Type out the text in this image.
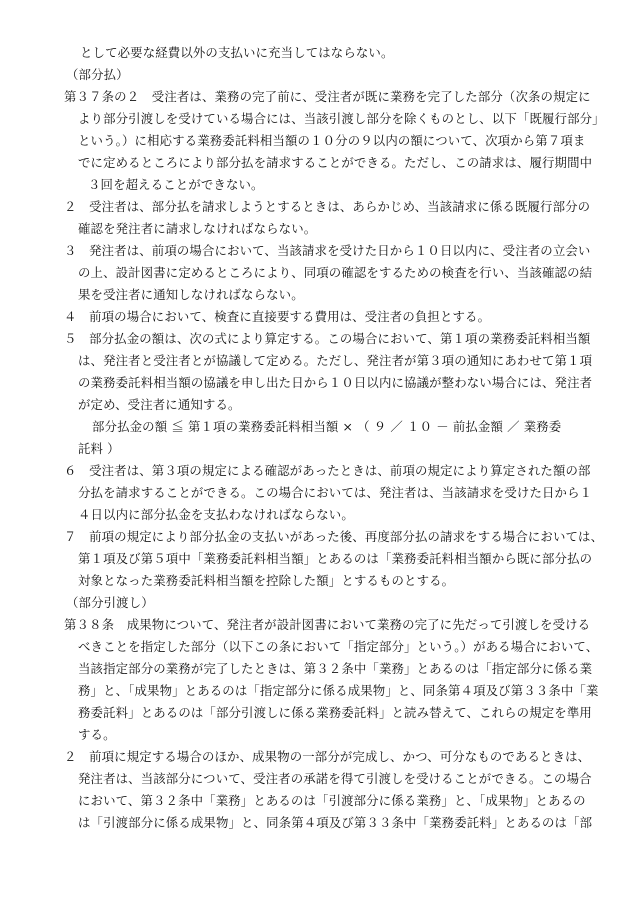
として必要な経費以外の支払いに充当してはならない。
（部分払）
第３７条の２　受注者は、業務の完了前に、受注者が既に業務を完了した部分（次条の規定に
より部分引渡しを受けている場合には、当該引渡し部分を除くものとし、以下「既履行部分」
という。）に相応する業務委託料相当額の１０分の９以内の額について、次項から第７項ま
でに定めるところにより部分払を請求することができる。ただし、この請求は、履行期間中
３回を超えることができない。
２　受注者は、部分払を請求しようとするときは、あらかじめ、当該請求に係る既履行部分の
確認を発注者に請求しなければならない。
３　発注者は、前項の場合において、当該請求を受けた日から１０日以内に、受注者の立会い
の上、設計図書に定めるところにより、同項の確認をするための検査を行い、当該確認の結
果を受注者に通知しなければならない。
４　前項の場合において、検査に直接要する費用は、受注者の負担とする。
５　部分払金の額は、次の式により算定する。この場合において、第１項の業務委託料相当額
は、発注者と受注者とが協議して定める。ただし、発注者が第３項の通知にあわせて第１項
の業務委託料相当額の協議を申し出た日から１０日以内に協議が整わない場合には、発注者
が定め、受注者に通知する。
部分払金の額 ≦ 第１項の業務委託料相当額 × （ ９ ／ １０ － 前払金額 ／ 業務委
託料 ）
６　受注者は、第３項の規定による確認があったときは、前項の規定により算定された額の部
分払を請求することができる。この場合においては、発注者は、当該請求を受けた日から１
４日以内に部分払金を支払わなければならない。
７　前項の規定により部分払金の支払いがあった後、再度部分払の請求をする場合においては、
第１項及び第５項中「業務委託料相当額」とあるのは「業務委託料相当額から既に部分払の
対象となった業務委託料相当額を控除した額」とするものとする。
（部分引渡し）
第３８条　成果物について、発注者が設計図書において業務の完了に先だって引渡しを受ける
べきことを指定した部分（以下この条において「指定部分」という。）がある場合において、
当該指定部分の業務が完了したときは、第３２条中「業務」とあるのは「指定部分に係る業
務」と、「成果物」とあるのは「指定部分に係る成果物」と、同条第４項及び第３３条中「業
務委託料」とあるのは「部分引渡しに係る業務委託料」と読み替えて、これらの規定を準用
する。
２　前項に規定する場合のほか、成果物の一部分が完成し、かつ、可分なものであるときは、
発注者は、当該部分について、受注者の承諾を得て引渡しを受けることができる。この場合
において、第３２条中「業務」とあるのは「引渡部分に係る業務」と、「成果物」とあるの
は「引渡部分に係る成果物」と、同条第４項及び第３３条中「業務委託料」とあるのは「部
